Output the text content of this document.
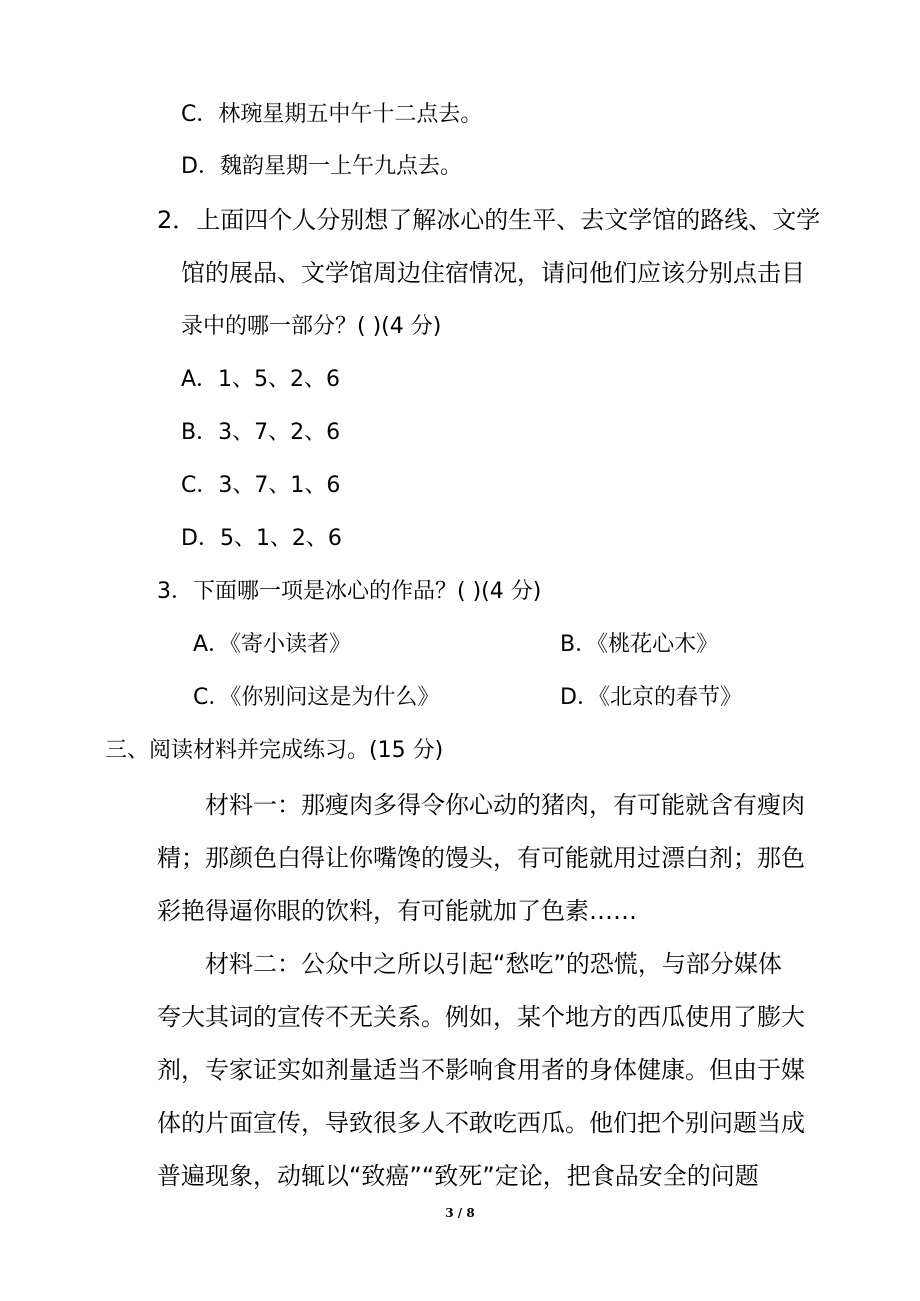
C．林琬星期五中午十二点去。
D．魏韵星期一上午九点去。
2．上面四个人分别想了解冰心的生平、去文学馆的路线、文学
馆的展品、文学馆周边住宿情况，请问他们应该分别点击目
录中的哪一部分？( )(4 分)
A．1、5、2、6
B．3、7、2、6
C．3、7、1、6
D．5、1、2、6
3．下面哪一项是冰心的作品？( )(4 分)
A．《寄小读者》	B．《桃花心木》
C．《你别问这是为什么》	D．《北京的春节》
三、阅读材料并完成练习。(15 分)
材料一：那瘦肉多得令你心动的猪肉，有可能就含有瘦肉
精；那颜色白得让你嘴馋的馒头，有可能就用过漂白剂；那色
彩艳得逼你眼的饮料，有可能就加了色素……
材料二：公众中之所以引起“愁吃”的恐慌，与部分媒体
夸大其词的宣传不无关系。例如，某个地方的西瓜使用了膨大
剂，专家证实如剂量适当不影响食用者的身体健康。但由于媒
体的片面宣传，导致很多人不敢吃西瓜。他们把个别问题当成
普遍现象，动辄以“致癌”“致死”定论，把食品安全的问题
3 / 8
